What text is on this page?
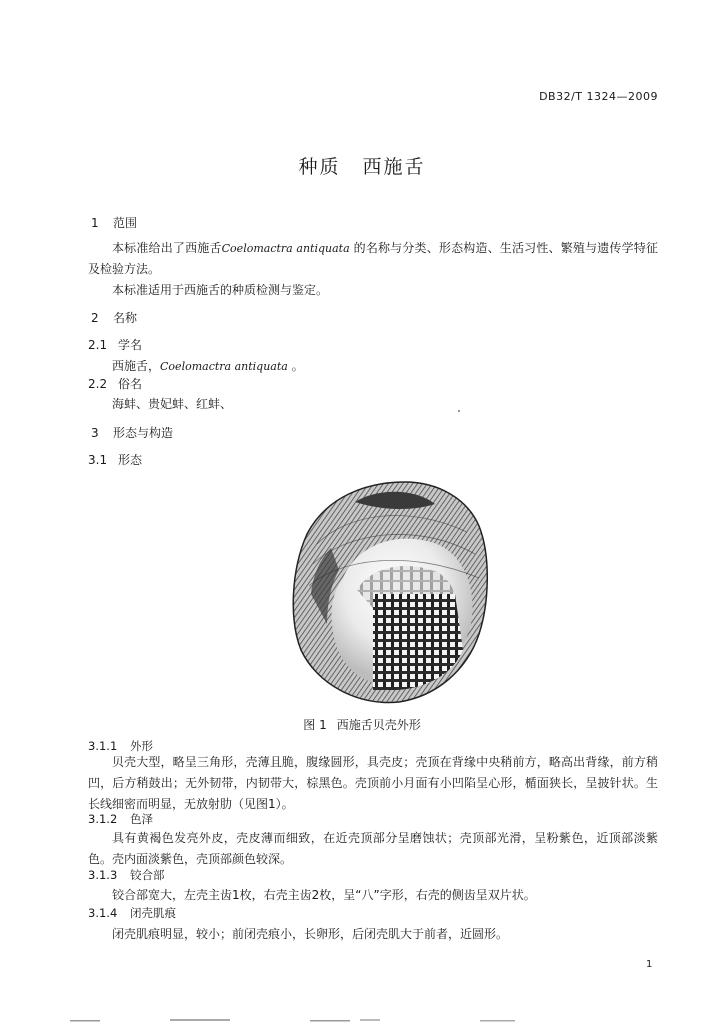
DB32/T 1324—2009
种质 西施舌
1 范围
本标准给出了西施舌Coelomactra antiquata 的名称与分类、形态构造、生活习性、繁殖与遗传学特征及检验方法。
本标准适用于西施舌的种质检测与鉴定。
2 名称
2.1 学名
西施舌，Coelomactra antiquata 。
2.2 俗名
海蚌、贵妃蚌、红蚌、
3 形态与构造
3.1 形态
图 1 西施舌贝壳外形
3.1.1 外形
贝壳大型，略呈三角形，壳薄且脆，腹缘圆形，具壳皮；壳顶在背缘中央稍前方，略高出背缘，前方稍凹，后方稍鼓出；无外韧带，内韧带大，棕黑色。壳顶前小月面有小凹陷呈心形，楯面狭长，呈披针状。生长线细密而明显，无放射肋（见图1）。
3.1.2 色泽
具有黄褐色发亮外皮，壳皮薄而细致，在近壳顶部分呈磨蚀状；壳顶部光滑，呈粉紫色，近顶部淡紫色。壳内面淡紫色，壳顶部颜色较深。
3.1.3 铰合部
铰合部宽大，左壳主齿1枚，右壳主齿2枚，呈“八”字形，右壳的侧齿呈双片状。
3.1.4 闭壳肌痕
闭壳肌痕明显，较小；前闭壳痕小，长卵形，后闭壳肌大于前者，近圆形。
1
